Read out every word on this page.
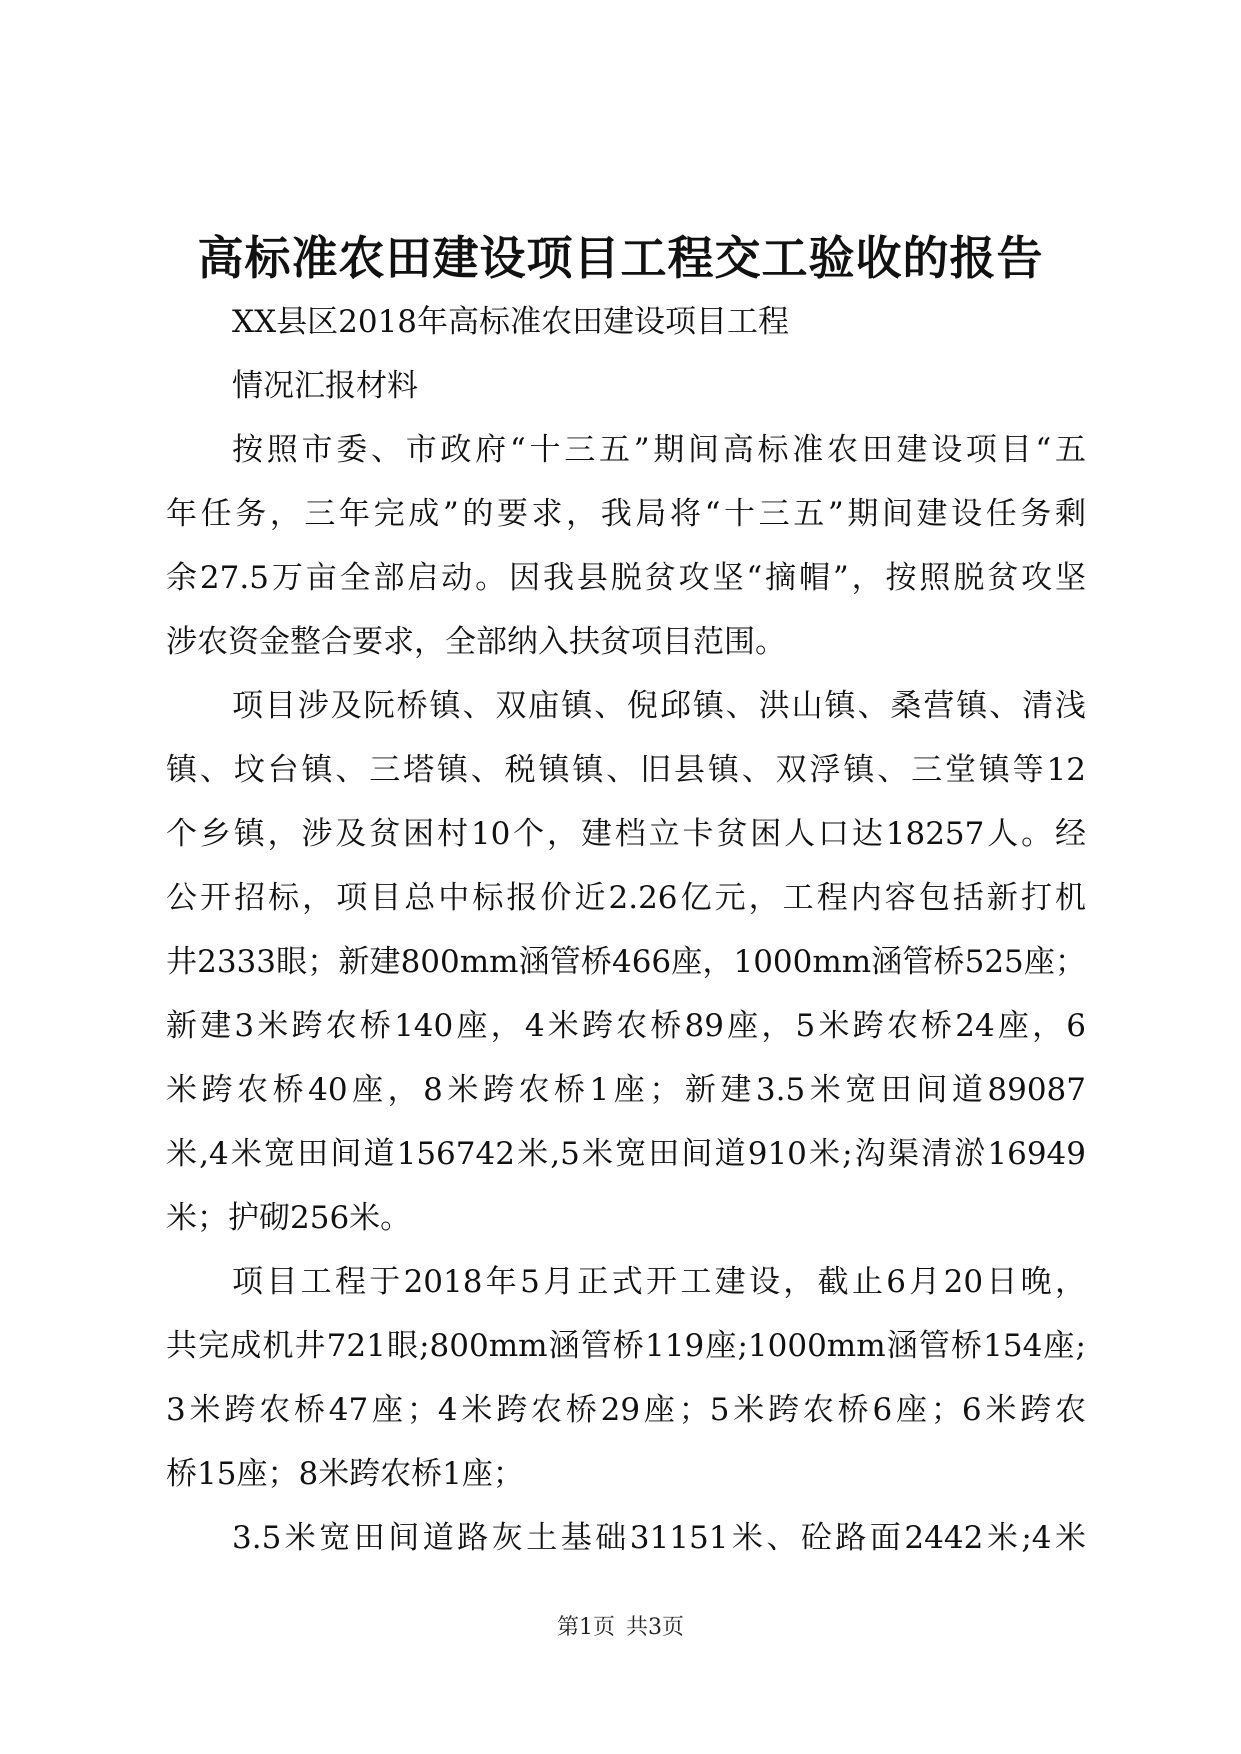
高标准农田建设项目工程交工验收的报告
XX县区2018年高标准农田建设项目工程
情况汇报材料
按照市委、市政府“十三五”期间高标准农田建设项目“五
年任务，三年完成”的要求，我局将“十三五”期间建设任务剩
余27.5万亩全部启动。因我县脱贫攻坚“摘帽”，按照脱贫攻坚
涉农资金整合要求，全部纳入扶贫项目范围。
项目涉及阮桥镇、双庙镇、倪邱镇、洪山镇、桑营镇、清浅
镇、坟台镇、三塔镇、税镇镇、旧县镇、双浮镇、三堂镇等12
个乡镇，涉及贫困村10个，建档立卡贫困人口达18257人。经
公开招标，项目总中标报价近2.26亿元，工程内容包括新打机
井2333眼；新建800mm涵管桥466座，1000mm涵管桥525座；
新建3米跨农桥140座，4米跨农桥89座，5米跨农桥24座，6
米跨农桥40座，8米跨农桥1座；新建3.5米宽田间道89087
米,4米宽田间道156742米,5米宽田间道910米;沟渠清淤16949
米；护砌256米。
项目工程于2018年5月正式开工建设，截止6月20日晚，
共完成机井721眼;800mm涵管桥119座;1000mm涵管桥154座;
3米跨农桥47座；4米跨农桥29座；5米跨农桥6座；6米跨农
桥15座；8米跨农桥1座；
3.5米宽田间道路灰土基础31151米、砼路面2442米;4米
第1页 共3页
